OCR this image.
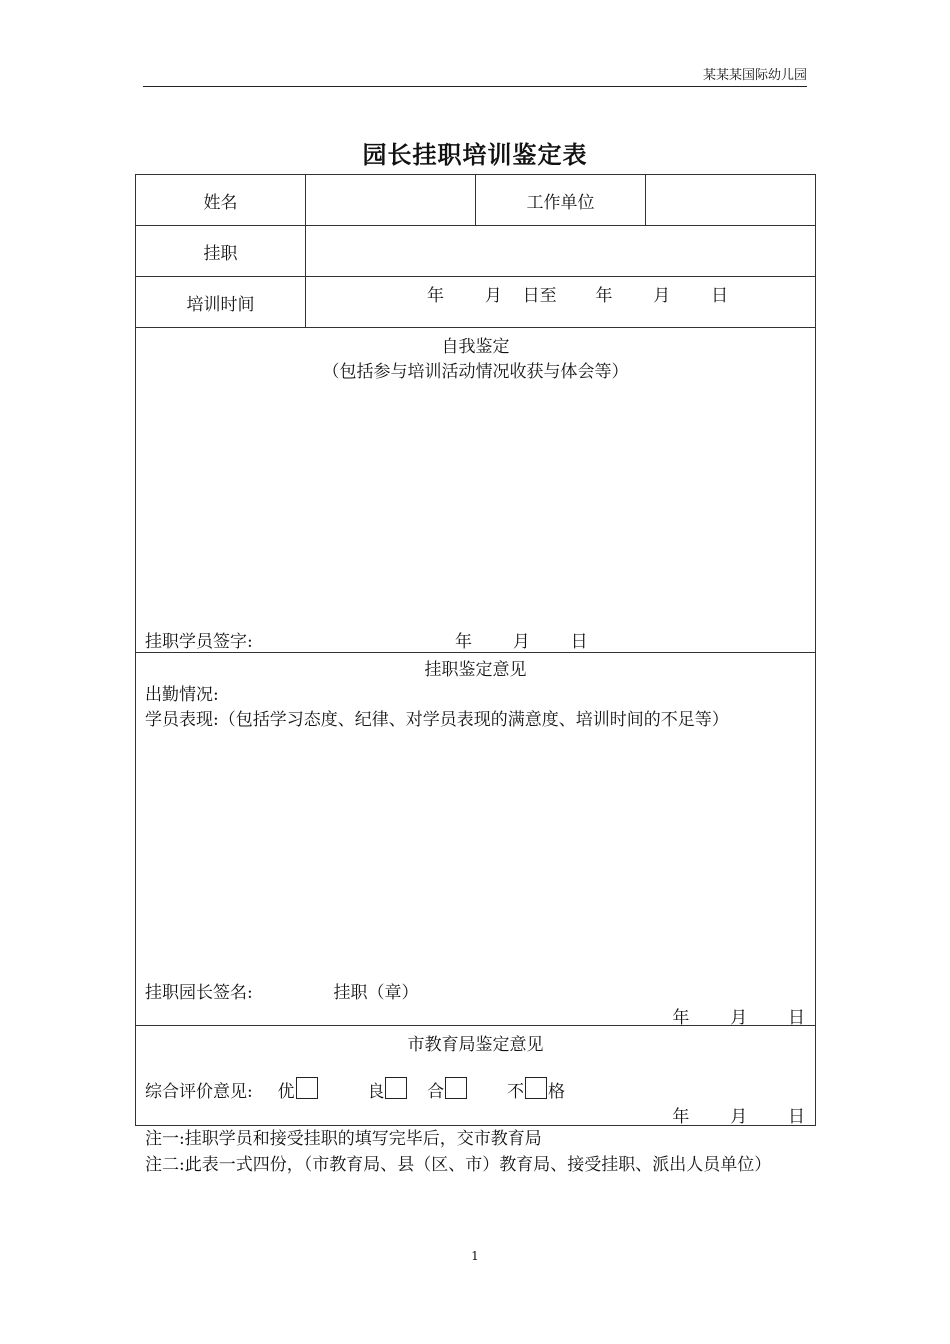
某某某国际幼儿园
园长挂职培训鉴定表
姓名		工作单位	
挂职			
培训时间	年 月 日至 年 月 日		

自我鉴定
（包括参与培训活动情况收获与体会等）
挂职学员签字: 年 月 日			

挂职鉴定意见
出勤情况:
学员表现:（包括学习态度、纪律、对学员表现的满意度、培训时间的不足等）
挂职园长签名: 挂职（章）
年 月 日			

市教育局鉴定意见
综合评价意见: 优 良 合 不 格
年 月 日			
注一:挂职学员和接受挂职的填写完毕后，交市教育局
注二:此表一式四份，（市教育局、县（区、市）教育局、接受挂职、派出人员单位）
1
